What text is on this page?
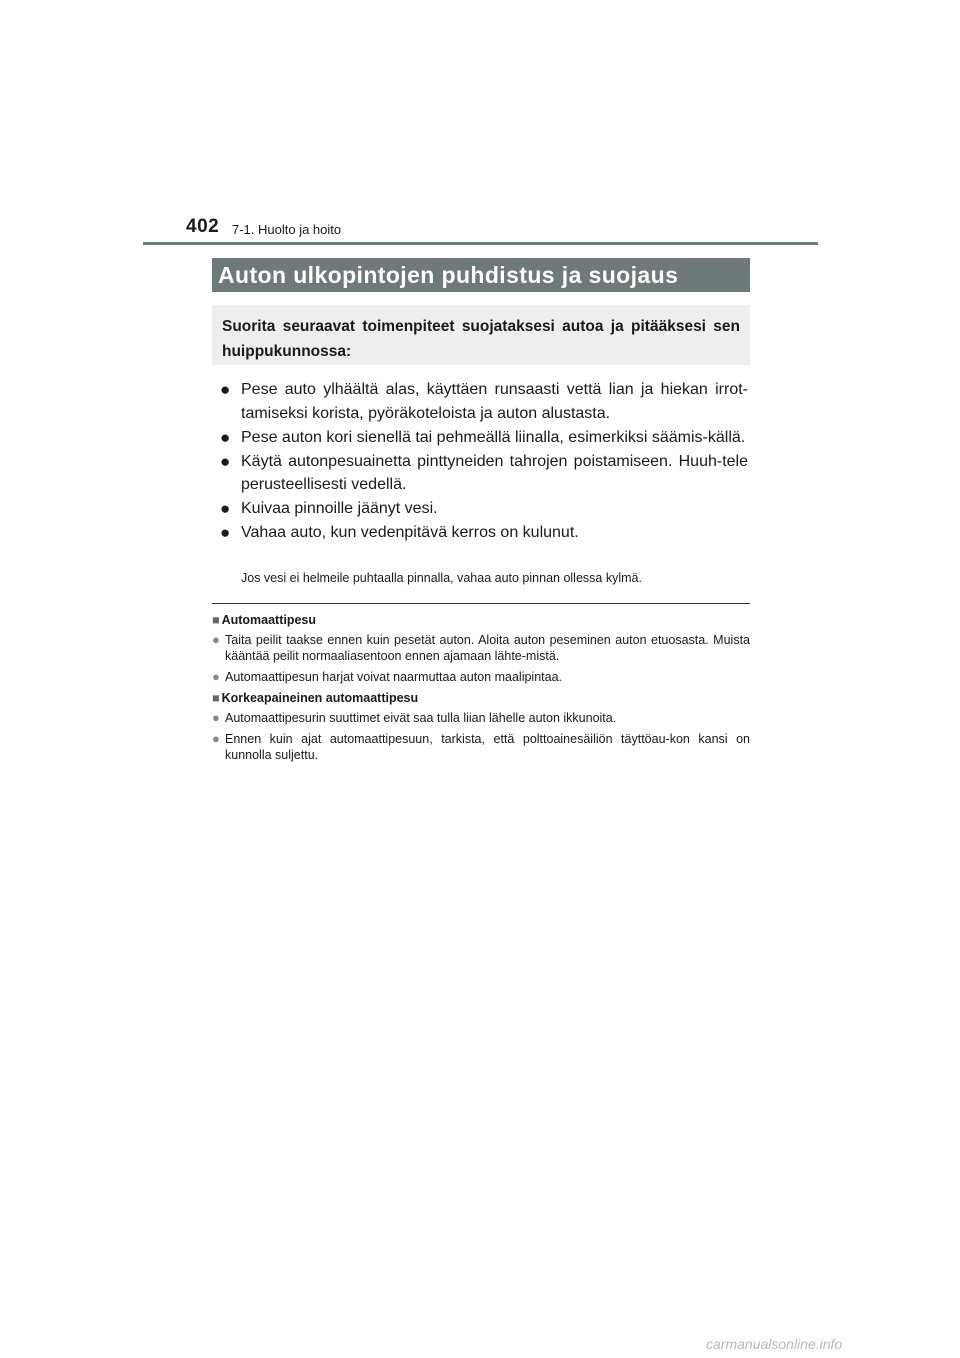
402 7-1. Huolto ja hoito
Auton ulkopintojen puhdistus ja suojaus
Suorita seuraavat toimenpiteet suojataksesi autoa ja pitääksesi sen huippukunnossa:
● Pese auto ylhäältä alas, käyttäen runsaasti vettä lian ja hiekan irrot-tamiseksi korista, pyöräkoteloista ja auton alustasta.
● Pese auton kori sienellä tai pehmeällä liinalla, esimerkiksi säämis-källä.
● Käytä autonpesuainetta pinttyneiden tahrojen poistamiseen. Huuh-tele perusteellisesti vedellä.
● Kuivaa pinnoille jäänyt vesi.
● Vahaa auto, kun vedenpitävä kerros on kulunut.
Jos vesi ei helmeile puhtaalla pinnalla, vahaa auto pinnan ollessa kylmä.
■ Automaattipesu
● Taita peilit taakse ennen kuin pesetät auton. Aloita auton peseminen auton etuosasta. Muista kääntää peilit normaaliasentoon ennen ajamaan lähte-mistä.
● Automaattipesun harjat voivat naarmuttaa auton maalipintaa.
■ Korkeapaineinen automaattipesu
● Automaattipesurin suuttimet eivät saa tulla liian lähelle auton ikkunoita.
● Ennen kuin ajat automaattipesuun, tarkista, että polttoainesäiliön täyttöau-kon kansi on kunnolla suljettu.
carmanualsonline.info
